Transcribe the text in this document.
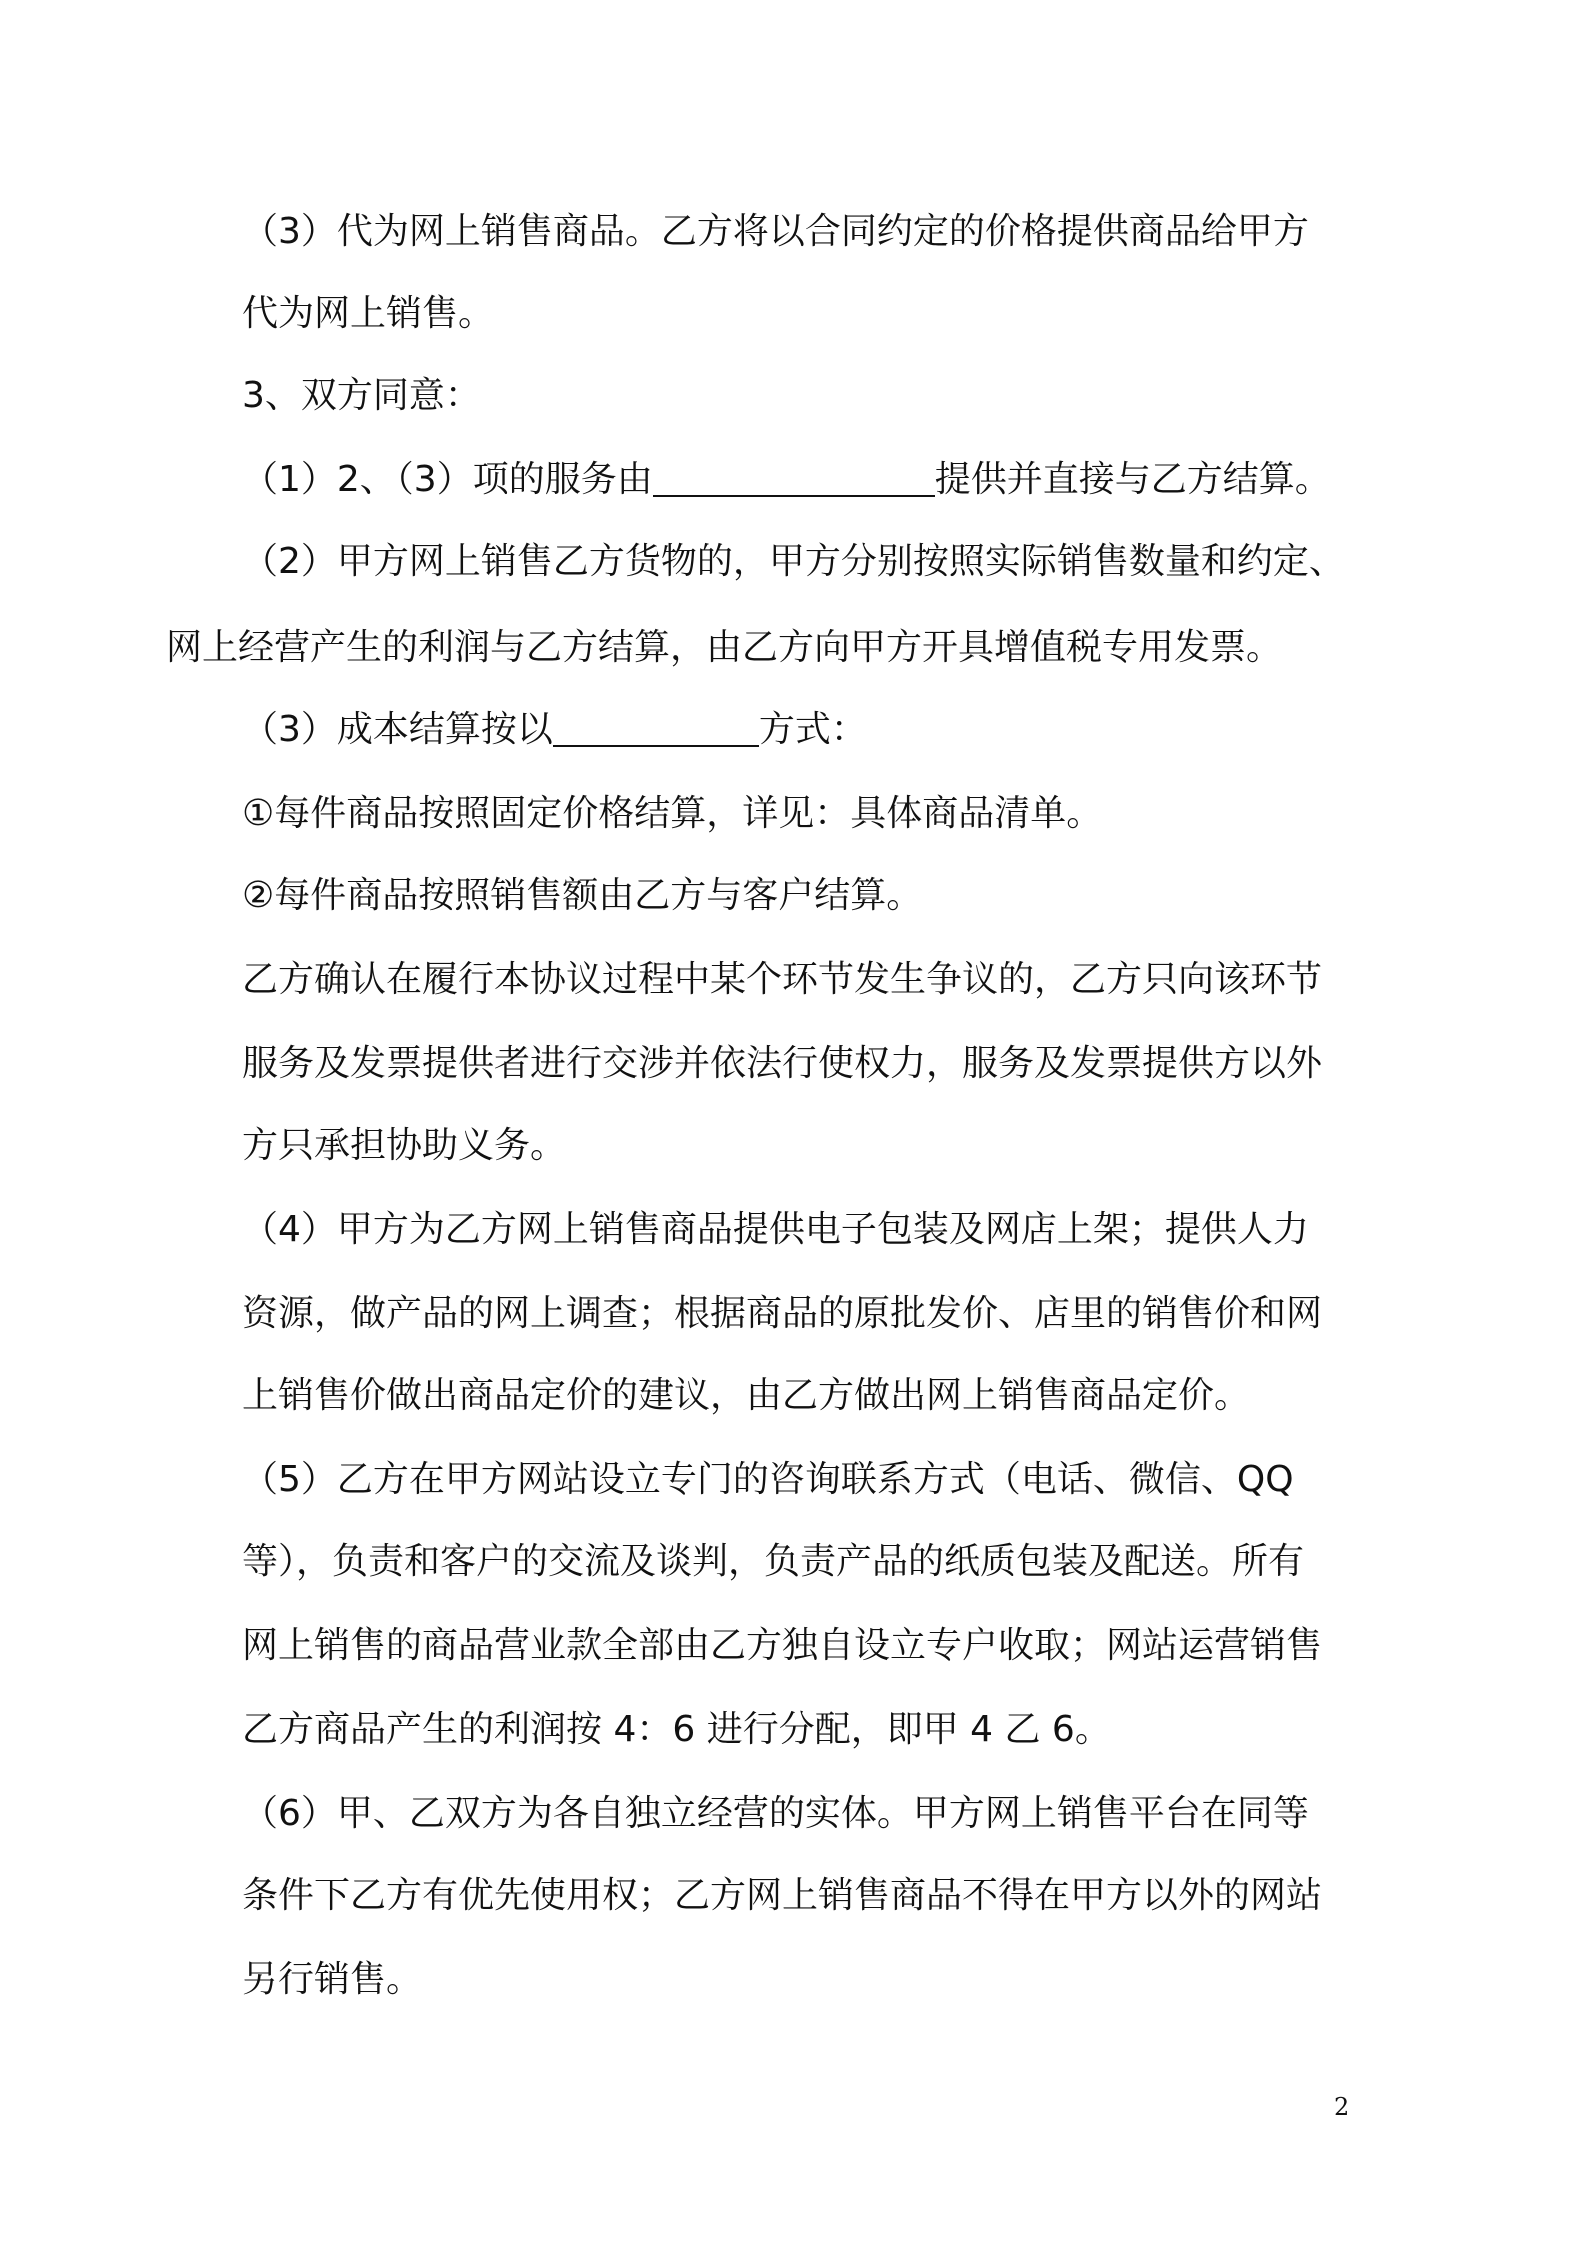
（3）代为网上销售商品。乙方将以合同约定的价格提供商品给甲方
代为网上销售。
3、双方同意：
（1）2、（3）项的服务由	提供并直接与乙方结算。
（2）甲方网上销售乙方货物的，甲方分别按照实际销售数量和约定、
网上经营产生的利润与乙方结算，由乙方向甲方开具增值税专用发票。
（3）成本结算按以	方式：
①每件商品按照固定价格结算，详见：具体商品清单。
②每件商品按照销售额由乙方与客户结算。
乙方确认在履行本协议过程中某个环节发生争议的，乙方只向该环节
服务及发票提供者进行交涉并依法行使权力，服务及发票提供方以外
方只承担协助义务。
（4）甲方为乙方网上销售商品提供电子包装及网店上架；提供人力
资源，做产品的网上调查；根据商品的原批发价、店里的销售价和网
上销售价做出商品定价的建议，由乙方做出网上销售商品定价。
（5）乙方在甲方网站设立专门的咨询联系方式（电话、微信、QQ
等），负责和客户的交流及谈判，负责产品的纸质包装及配送。所有
网上销售的商品营业款全部由乙方独自设立专户收取；网站运营销售
乙方商品产生的利润按 4：6 进行分配，即甲 4 乙 6。
（6）甲、乙双方为各自独立经营的实体。甲方网上销售平台在同等
条件下乙方有优先使用权；乙方网上销售商品不得在甲方以外的网站
另行销售。
2
